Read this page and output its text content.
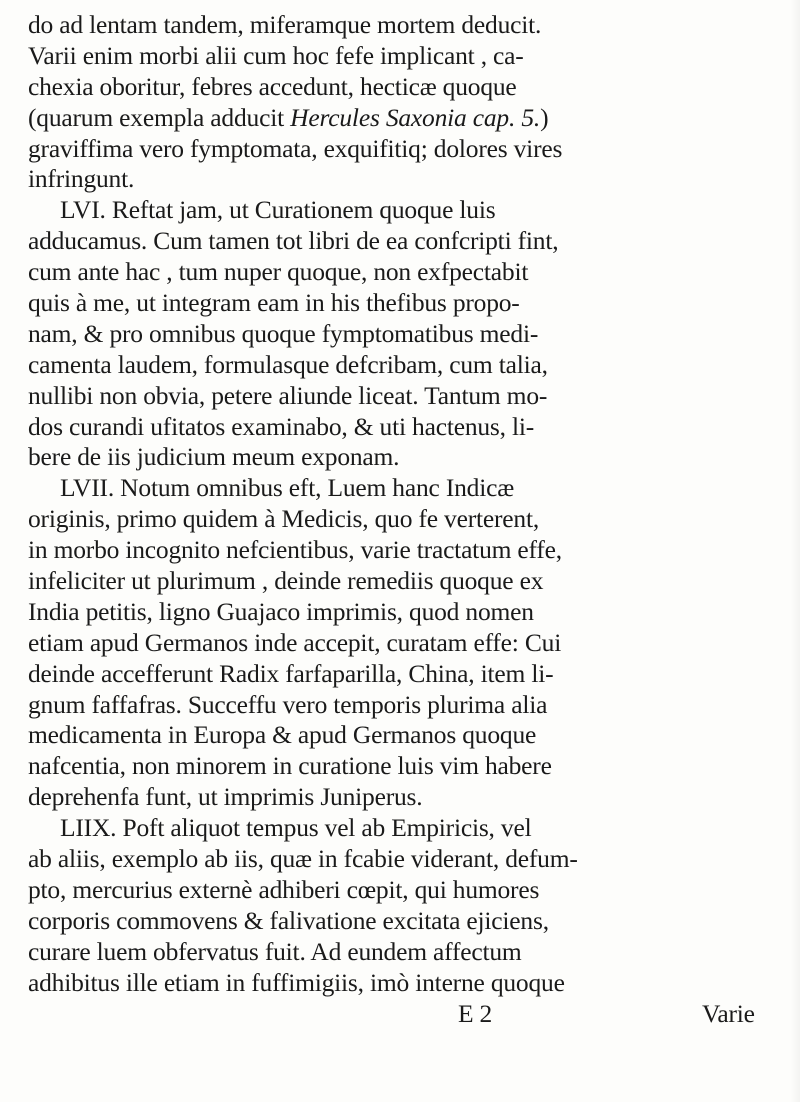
do ad lentam tandem, miferamque mortem deducit.
Varii enim morbi alii cum hoc fefe implicant , ca-
chexia oboritur, febres accedunt, hecticæ quoque
(quarum exempla adducit Hercules Saxonia cap. 5.)
graviffima vero fymptomata, exquifitiq; dolores vires
infringunt.
LVI. Reftat jam, ut Curationem quoque luis
adducamus. Cum tamen tot libri de ea confcripti fint,
cum ante hac , tum nuper quoque, non exfpectabit
quis à me, ut integram eam in his thefibus propo-
nam, & pro omnibus quoque fymptomatibus medi-
camenta laudem, formulasque defcribam, cum talia,
nullibi non obvia, petere aliunde liceat. Tantum mo-
dos curandi ufitatos examinabo, & uti hactenus, li-
bere de iis judicium meum exponam.
LVII. Notum omnibus eft, Luem hanc Indicæ
originis, primo quidem à Medicis, quo fe verterent,
in morbo incognito nefcientibus, varie tractatum effe,
infeliciter ut plurimum , deinde remediis quoque ex
India petitis, ligno Guajaco imprimis, quod nomen
etiam apud Germanos inde accepit, curatam effe: Cui
deinde accefferunt Radix farfaparilla, China, item li-
gnum faffafras. Succeffu vero temporis plurima alia
medicamenta in Europa & apud Germanos quoque
nafcentia, non minorem in curatione luis vim habere
deprehenfa funt, ut imprimis Juniperus.
LIIX. Poft aliquot tempus vel ab Empiricis, vel
ab aliis, exemplo ab iis, quæ in fcabie viderant, defum-
pto, mercurius externè adhiberi cœpit, qui humores
corporis commovens & falivatione excitata ejiciens,
curare luem obfervatus fuit. Ad eundem affectum
adhibitus ille etiam in fuffimigiis, imò interne quoque
E 2	Varie
